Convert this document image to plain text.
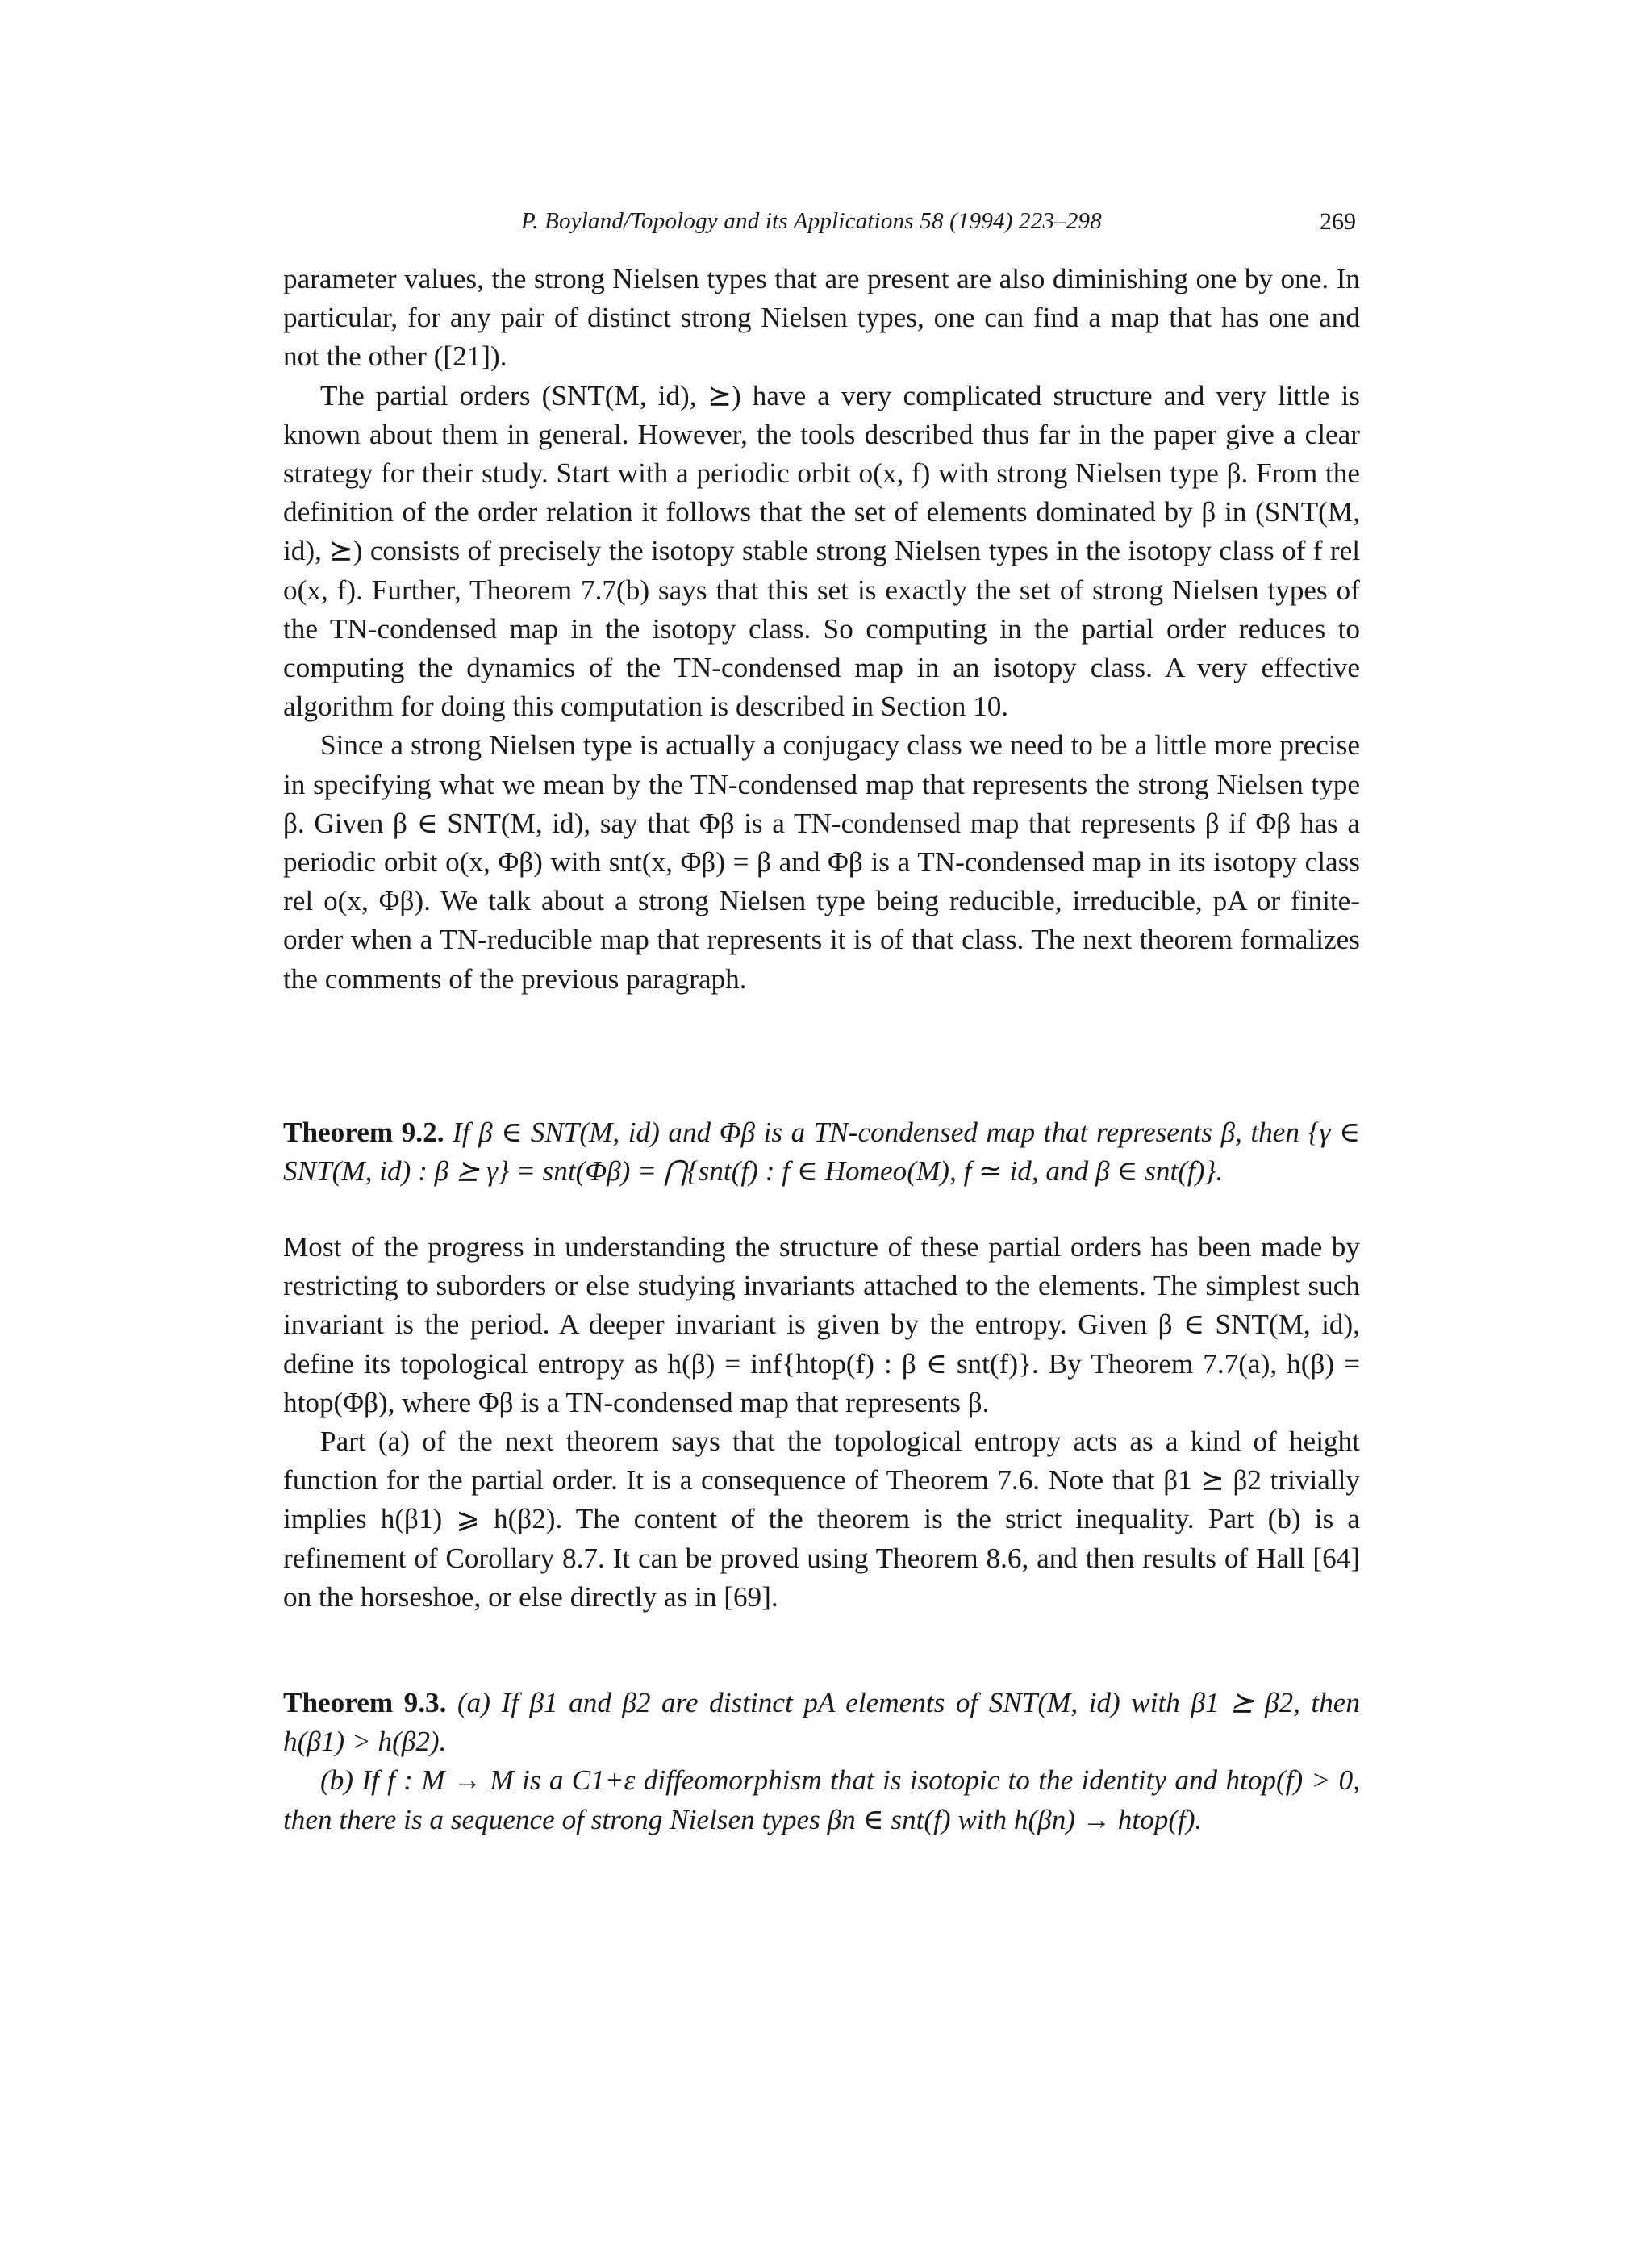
P. Boyland/Topology and its Applications 58 (1994) 223–298	269

parameter values, the strong Nielsen types that are present are also diminishing one by one. In particular, for any pair of distinct strong Nielsen types, one can find a map that has one and not the other ([21]).

The partial orders (SNT(M, id), ⪰) have a very complicated structure and very little is known about them in general. However, the tools described thus far in the paper give a clear strategy for their study. Start with a periodic orbit o(x, f) with strong Nielsen type β. From the definition of the order relation it follows that the set of elements dominated by β in (SNT(M, id), ⪰) consists of precisely the isotopy stable strong Nielsen types in the isotopy class of f rel o(x, f). Further, Theorem 7.7(b) says that this set is exactly the set of strong Nielsen types of the TN-condensed map in the isotopy class. So computing in the partial order reduces to computing the dynamics of the TN-condensed map in an isotopy class. A very effective algorithm for doing this computation is described in Section 10.

Since a strong Nielsen type is actually a conjugacy class we need to be a little more precise in specifying what we mean by the TN-condensed map that represents the strong Nielsen type β. Given β ∈ SNT(M, id), say that Φβ is a TN-condensed map that represents β if Φβ has a periodic orbit o(x, Φβ) with snt(x, Φβ) = β and Φβ is a TN-condensed map in its isotopy class rel o(x, Φβ). We talk about a strong Nielsen type being reducible, irreducible, pA or finite-order when a TN-reducible map that represents it is of that class. The next theorem formalizes the comments of the previous paragraph.

Theorem 9.2. If β ∈ SNT(M, id) and Φβ is a TN-condensed map that represents β, then {γ ∈ SNT(M, id) : β ⪰ γ} = snt(Φβ) = ⋂{snt(f) : f ∈ Homeo(M), f ≃ id, and β ∈ snt(f)}.

Most of the progress in understanding the structure of these partial orders has been made by restricting to suborders or else studying invariants attached to the elements. The simplest such invariant is the period. A deeper invariant is given by the entropy. Given β ∈ SNT(M, id), define its topological entropy as h(β) = inf{htop(f) : β ∈ snt(f)}. By Theorem 7.7(a), h(β) = htop(Φβ), where Φβ is a TN-condensed map that represents β.

Part (a) of the next theorem says that the topological entropy acts as a kind of height function for the partial order. It is a consequence of Theorem 7.6. Note that β1 ⪰ β2 trivially implies h(β1) ⩾ h(β2). The content of the theorem is the strict inequality. Part (b) is a refinement of Corollary 8.7. It can be proved using Theorem 8.6, and then results of Hall [64] on the horseshoe, or else directly as in [69].

Theorem 9.3. (a) If β1 and β2 are distinct pA elements of SNT(M, id) with β1 ⪰ β2, then h(β1) > h(β2).

(b) If f : M → M is a C1+ε diffeomorphism that is isotopic to the identity and htop(f) > 0, then there is a sequence of strong Nielsen types βn ∈ snt(f) with h(βn) → htop(f).
